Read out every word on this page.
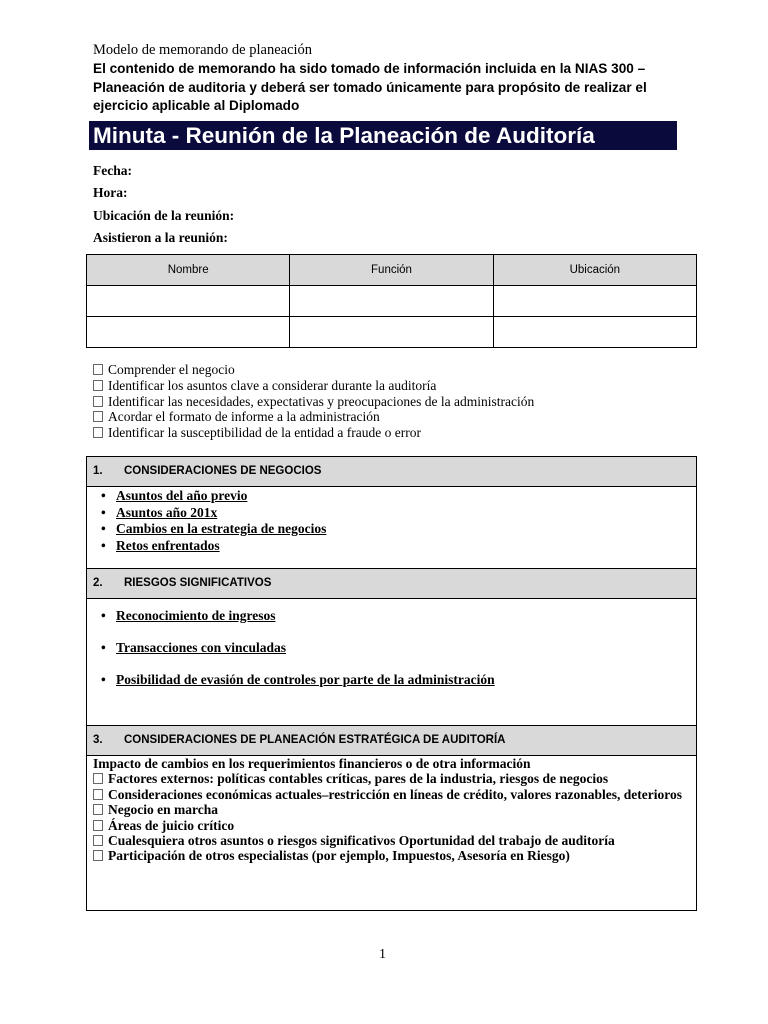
Modelo de memorando de planeación
El contenido de memorando ha sido tomado de información incluida en la NIAS 300 – Planeación de auditoria y deberá ser tomado únicamente para propósito de realizar el ejercicio aplicable al Diplomado
Minuta - Reunión de la Planeación de Auditoría
Fecha:
Hora:
Ubicación de la reunión:
Asistieron a la reunión:
Nombre	Función	Ubicación

Comprender el negocio
Identificar los asuntos clave a considerar durante la auditoría
Identificar las necesidades, expectativas y preocupaciones de la administración
Acordar el formato de informe a la administración
Identificar la susceptibilidad de la entidad a fraude o error
1. CONSIDERACIONES DE NEGOCIOS
• Asuntos del año previo
• Asuntos año 201x
• Cambios en la estrategia de negocios
• Retos enfrentados
2. RIESGOS SIGNIFICATIVOS
• Reconocimiento de ingresos
• Transacciones con vinculadas
• Posibilidad de evasión de controles por parte de la administración
3. CONSIDERACIONES DE PLANEACIÓN ESTRATÉGICA DE AUDITORÍA
Impacto de cambios en los requerimientos financieros o de otra información
Factores externos: políticas contables críticas, pares de la industria, riesgos de negocios
Consideraciones económicas actuales–restricción en líneas de crédito, valores razonables, deterioros Negocio en marcha
Áreas de juicio crítico
Cualesquiera otros asuntos o riesgos significativos Oportunidad del trabajo de auditoría
Participación de otros especialistas (por ejemplo, Impuestos, Asesoría en Riesgo)
1
